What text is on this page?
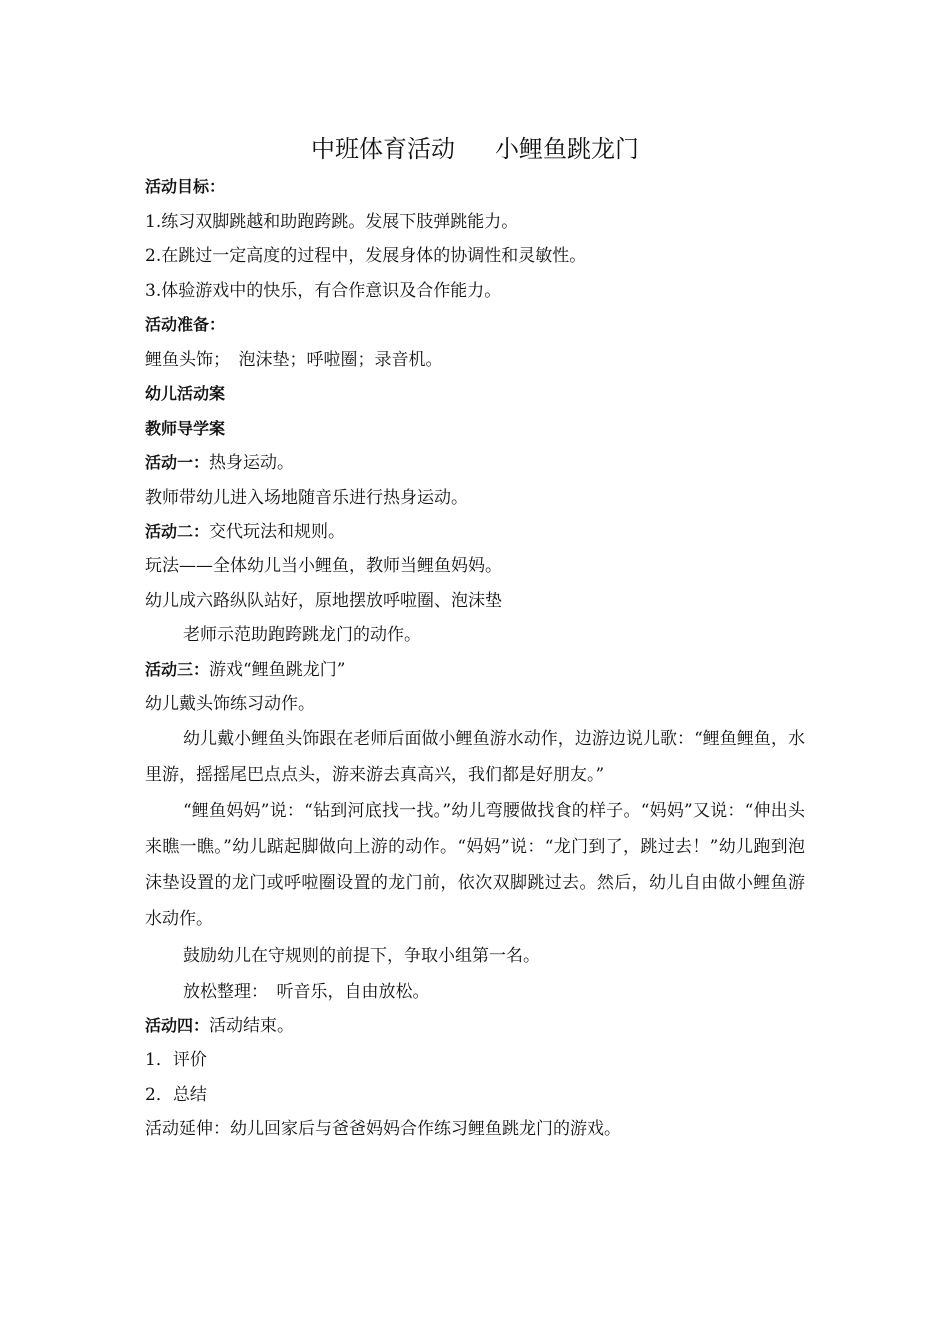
中班体育活动 小鲤鱼跳龙门
活动目标：
1.练习双脚跳越和助跑跨跳。发展下肢弹跳能力。
2.在跳过一定高度的过程中，发展身体的协调性和灵敏性。
3.体验游戏中的快乐，有合作意识及合作能力。
活动准备：
鲤鱼头饰；　泡沫垫；呼啦圈；录音机。
幼儿活动案
教师导学案
活动一：热身运动。
教师带幼儿进入场地随音乐进行热身运动。
活动二：交代玩法和规则。
玩法——全体幼儿当小鲤鱼，教师当鲤鱼妈妈。
幼儿成六路纵队站好，原地摆放呼啦圈、泡沫垫
老师示范助跑跨跳龙门的动作。
活动三：游戏“鲤鱼跳龙门”
幼儿戴头饰练习动作。
幼儿戴小鲤鱼头饰跟在老师后面做小鲤鱼游水动作，边游边说儿歌：“鲤鱼鲤鱼，水里游，摇摇尾巴点点头，游来游去真高兴，我们都是好朋友。”
“鲤鱼妈妈”说：“钻到河底找一找。”幼儿弯腰做找食的样子。“妈妈”又说：“伸出头来瞧一瞧。”幼儿踮起脚做向上游的动作。“妈妈”说：“龙门到了，跳过去！”幼儿跑到泡沫垫设置的龙门或呼啦圈设置的龙门前，依次双脚跳过去。然后，幼儿自由做小鲤鱼游水动作。
鼓励幼儿在守规则的前提下，争取小组第一名。
放松整理：　听音乐，自由放松。
活动四：活动结束。
1．评价
2．总结
活动延伸：幼儿回家后与爸爸妈妈合作练习鲤鱼跳龙门的游戏。
